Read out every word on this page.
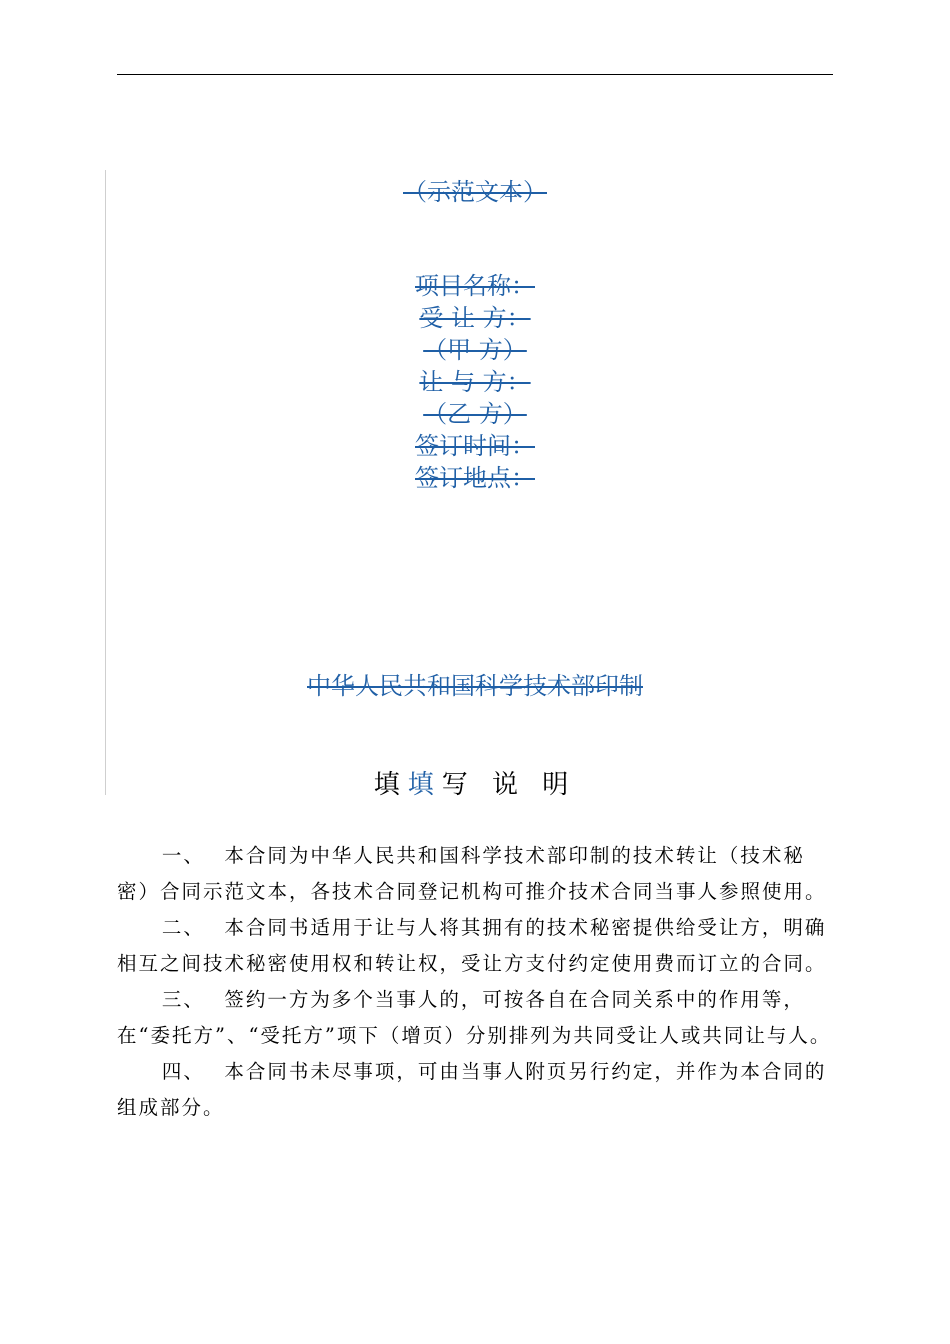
（示范文本）
项目名称：
受 让 方：
（甲 方）
让 与 方：
（乙 方）
签订时间：
签订地点：
中华人民共和国科学技术部印制
填填写 说 明

一、 本合同为中华人民共和国科学技术部印制的技术转让（技术秘密）合同示范文本，各技术合同登记机构可推介技术合同当事人参照使用。

二、 本合同书适用于让与人将其拥有的技术秘密提供给受让方，明确相互之间技术秘密使用权和转让权，受让方支付约定使用费而订立的合同。

三、 签约一方为多个当事人的，可按各自在合同关系中的作用等，在“委托方”、“受托方”项下（增页）分别排列为共同受让人或共同让与人。

四、 本合同书未尽事项，可由当事人附页另行约定，并作为本合同的组成部分。
